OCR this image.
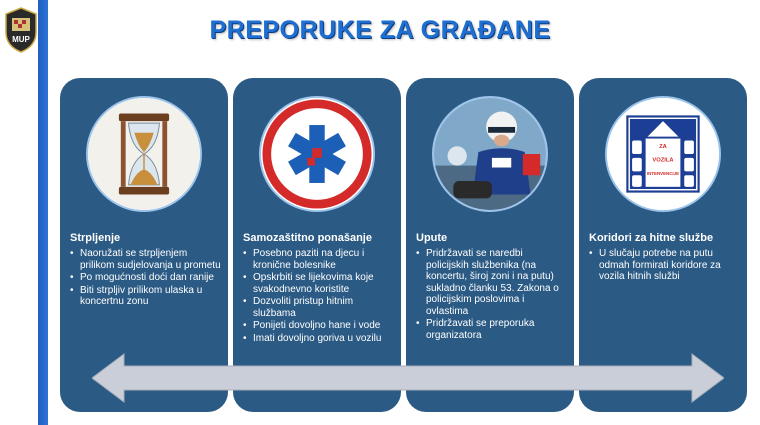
MUP	PREPORUKE ZA GRAĐANE
Strpljenje
• Naoružati se strpljenjem prilikom sudjelovanja u prometu
• Po mogućnosti doći dan ranije
• Biti strpljiv prilikom ulaska u koncertnu zonu
Samozaštitno ponašanje
• Posebno paziti na djecu i kronične bolesnike
• Opskrbiti se lijekovima koje svakodnevno koristite
• Dozvoliti pristup hitnim službama
• Ponijeti dovoljno hane i vode
• Imati dovoljno goriva u vozilu
Upute
• Pridržavati se naredbi policijskih službenika (na koncertu, široj zoni i na putu) sukladno članku 53. Zakona o policijskim poslovima i ovlastima
• Pridržavati se preporuka organizatora
ZA
VOZILA
INTERVENCIJE
Koridori za hitne službe
• U slučaju potrebe na putu odmah formirati koridore za vozila hitnih službi
